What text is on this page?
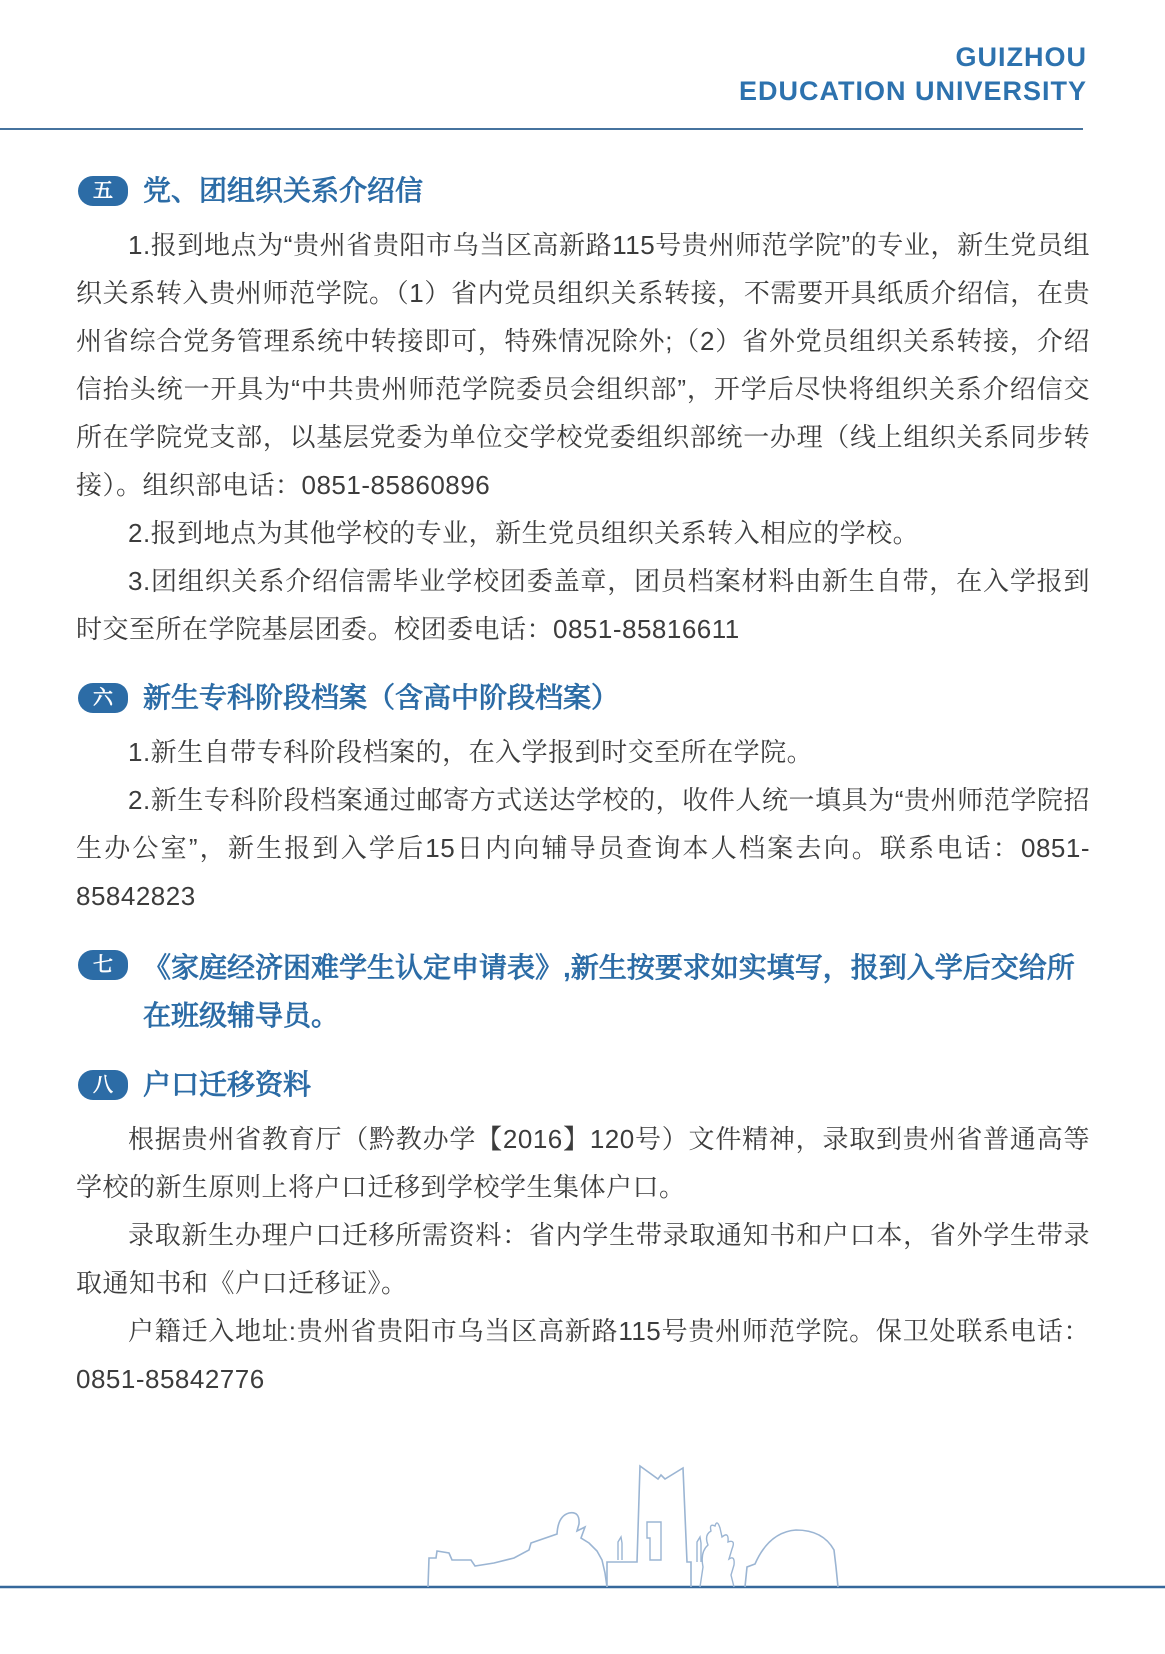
GUIZHOU
EDUCATION UNIVERSITY
五	党、团组织关系介绍信

1.报到地点为“贵州省贵阳市乌当区高新路115号贵州师范学院”的专业，新生党员组织关系转入贵州师范学院。（1）省内党员组织关系转接，不需要开具纸质介绍信，在贵州省综合党务管理系统中转接即可，特殊情况除外;（2）省外党员组织关系转接，介绍信抬头统一开具为“中共贵州师范学院委员会组织部”，开学后尽快将组织关系介绍信交所在学院党支部，以基层党委为单位交学校党委组织部统一办理（线上组织关系同步转接）。组织部电话：0851-85860896

2.报到地点为其他学校的专业，新生党员组织关系转入相应的学校。

3.团组织关系介绍信需毕业学校团委盖章，团员档案材料由新生自带，在入学报到时交至所在学院基层团委。校团委电话：0851-85816611

六	新生专科阶段档案（含高中阶段档案）

1.新生自带专科阶段档案的，在入学报到时交至所在学院。

2.新生专科阶段档案通过邮寄方式送达学校的，收件人统一填具为“贵州师范学院招生办公室”，新生报到入学后15日内向辅导员查询本人档案去向。联系电话：0851-85842823

七	《家庭经济困难学生认定申请表》,新生按要求如实填写，报到入学后交给所在班级辅导员。
八	户口迁移资料

根据贵州省教育厅（黔教办学【2016】120号）文件精神，录取到贵州省普通高等学校的新生原则上将户口迁移到学校学生集体户口。

录取新生办理户口迁移所需资料：省内学生带录取通知书和户口本，省外学生带录取通知书和《户口迁移证》。

户籍迁入地址:贵州省贵阳市乌当区高新路115号贵州师范学院。保卫处联系电话：0851-85842776
